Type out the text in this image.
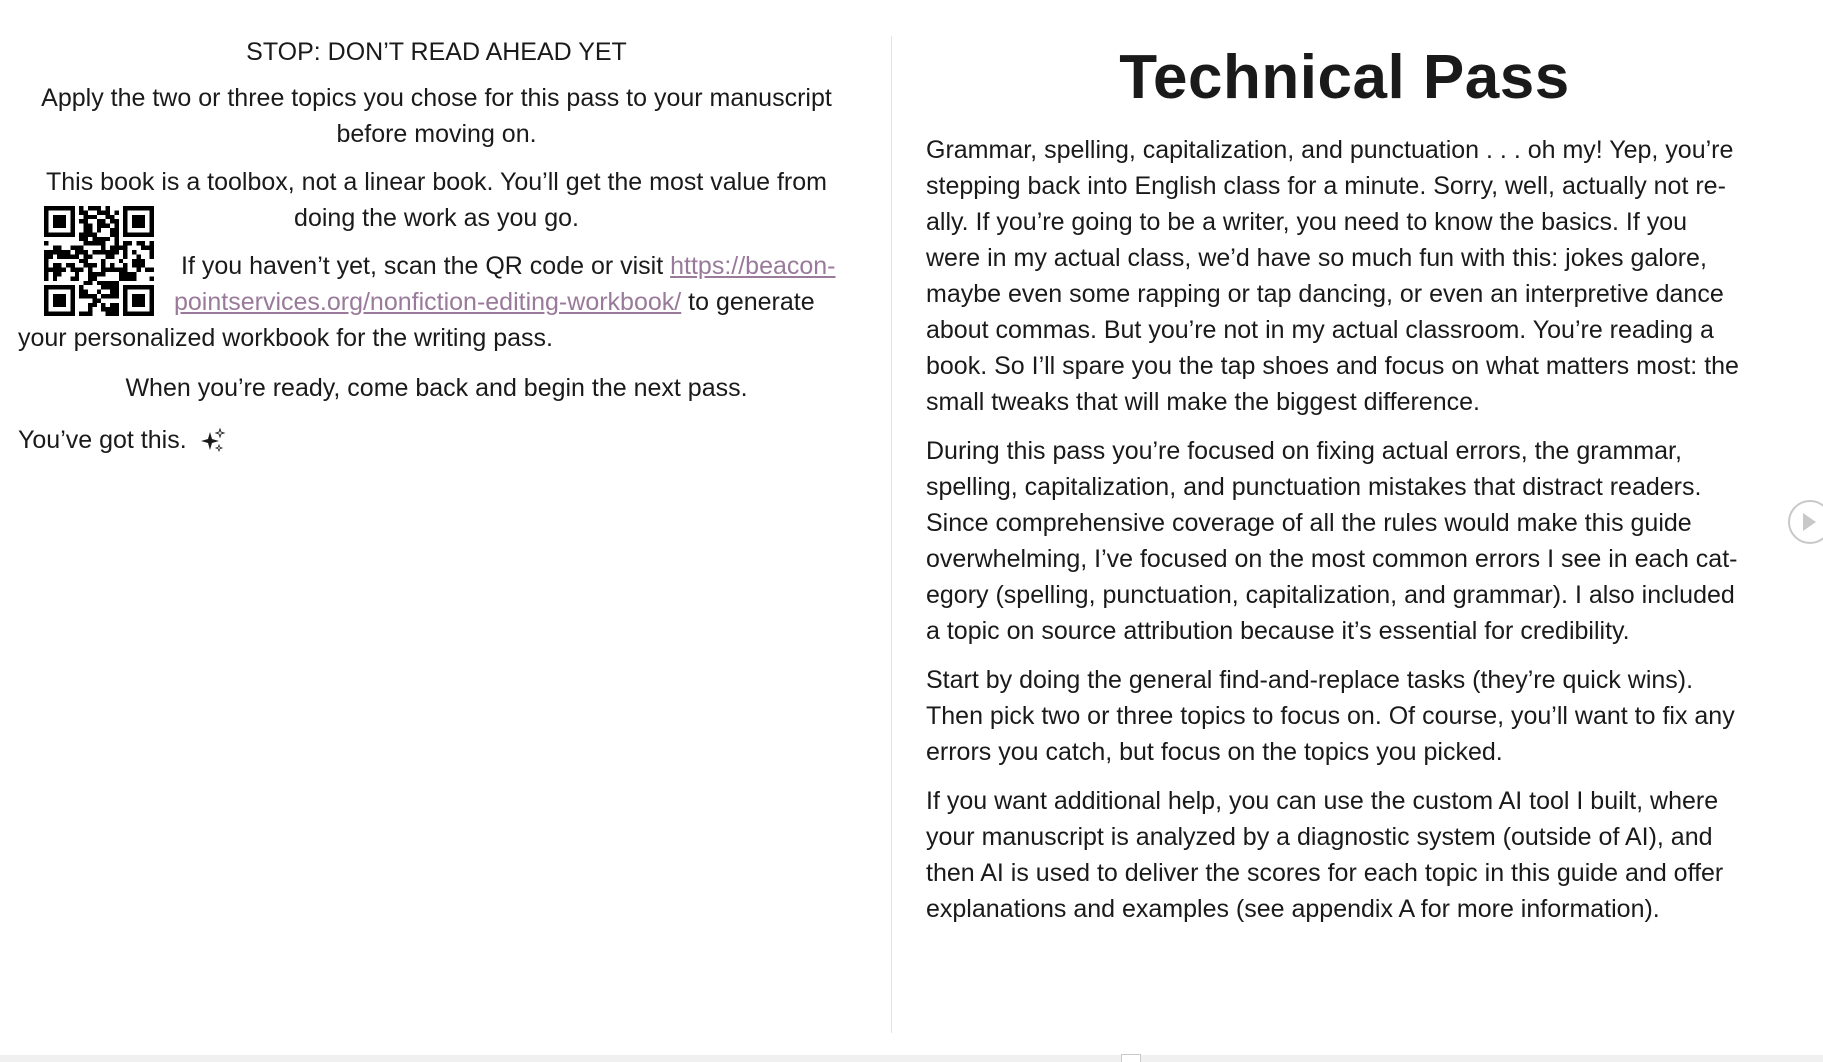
STOP: DON’T READ AHEAD YET
Apply the two or three topics you chose for this pass to your manuscript
before moving on.
This book is a toolbox, not a linear book. You’ll get the most value from
doing the work as you go.
If you haven’t yet, scan the QR code or visit https://beacon-
pointservices.org/nonfiction-editing-workbook/ to generate
your personalized workbook for the writing pass.
When you’re ready, come back and begin the next pass.
You’ve got this.
Technical Pass

Grammar, spelling, capitalization, and punctuation . . . oh my! Yep, you’re
stepping back into English class for a minute. Sorry, well, actually not re-
ally. If you’re going to be a writer, you need to know the basics. If you
were in my actual class, we’d have so much fun with this: jokes galore,
maybe even some rapping or tap dancing, or even an interpretive dance
about commas. But you’re not in my actual classroom. You’re reading a
book. So I’ll spare you the tap shoes and focus on what matters most: the
small tweaks that will make the biggest difference.

During this pass you’re focused on fixing actual errors, the grammar,
spelling, capitalization, and punctuation mistakes that distract readers.
Since comprehensive coverage of all the rules would make this guide
overwhelming, I’ve focused on the most common errors I see in each cat-
egory (spelling, punctuation, capitalization, and grammar). I also included
a topic on source attribution because it’s essential for credibility.

Start by doing the general find-and-replace tasks (they’re quick wins).
Then pick two or three topics to focus on. Of course, you’ll want to fix any
errors you catch, but focus on the topics you picked.

If you want additional help, you can use the custom AI tool I built, where
your manuscript is analyzed by a diagnostic system (outside of AI), and
then AI is used to deliver the scores for each topic in this guide and offer
explanations and examples (see appendix A for more information).
